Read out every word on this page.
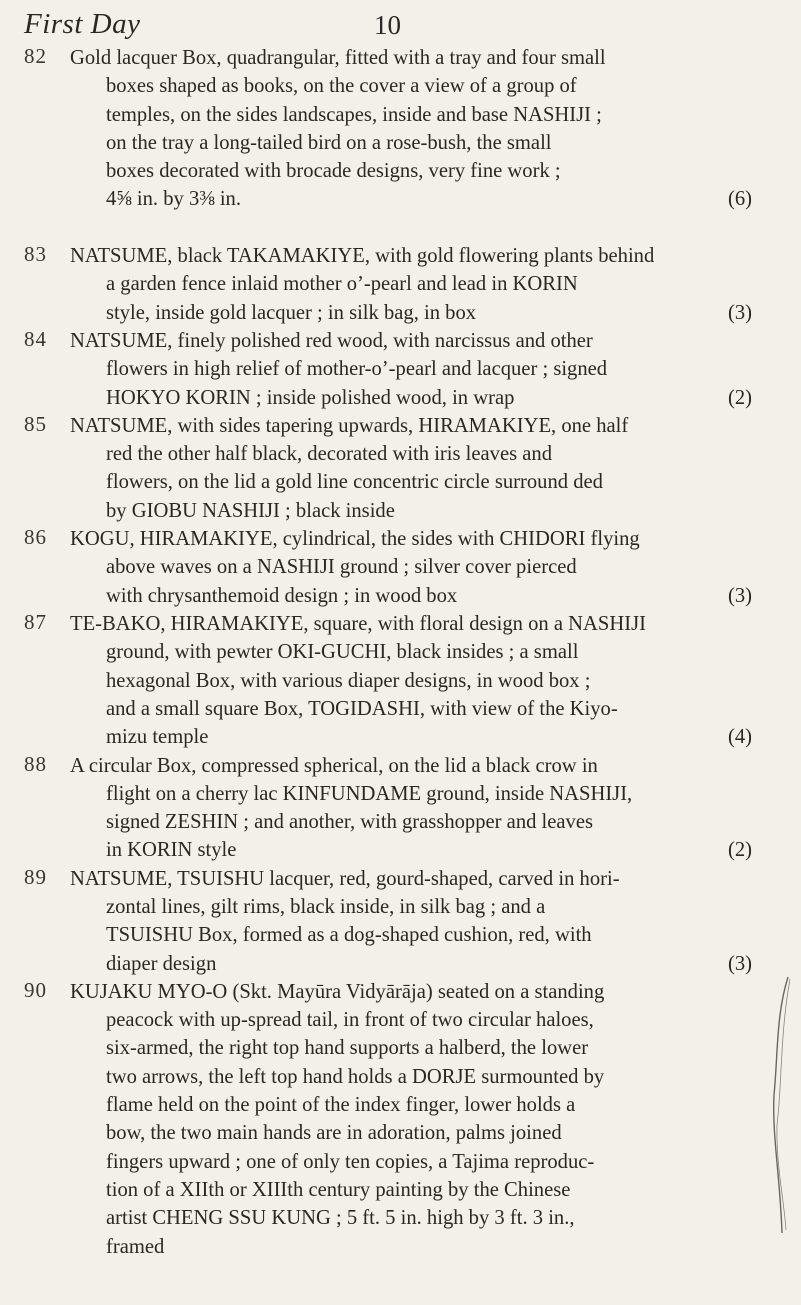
First Day	10
82 Gold lacquer Box, quadrangular, fitted with a tray and four small
boxes shaped as books, on the cover a view of a group of
temples, on the sides landscapes, inside and base NASHIJI ;
on the tray a long-tailed bird on a rose-bush, the small
boxes decorated with brocade designs, very fine work ;
4⅝ in. by 3⅜ in.	(6)
83 NATSUME, black TAKAMAKIYE, with gold flowering plants behind
a garden fence inlaid mother o’-pearl and lead in KORIN
style, inside gold lacquer ; in silk bag, in box	(3)
84 NATSUME, finely polished red wood, with narcissus and other
flowers in high relief of mother-o’-pearl and lacquer ; signed
HOKYO KORIN ; inside polished wood, in wrap	(2)
85 NATSUME, with sides tapering upwards, HIRAMAKIYE, one half
red the other half black, decorated with iris leaves and
flowers, on the lid a gold line concentric circle surround ded
by GIOBU NASHIJI ; black inside
86 KOGU, HIRAMAKIYE, cylindrical, the sides with CHIDORI flying
above waves on a NASHIJI ground ; silver cover pierced
with chrysanthemoid design ; in wood box	(3)
87 TE-BAKO, HIRAMAKIYE, square, with floral design on a NASHIJI
ground, with pewter OKI-GUCHI, black insides ; a small
hexagonal Box, with various diaper designs, in wood box ;
and a small square Box, TOGIDASHI, with view of the Kiyo-
mizu temple	(4)
88 A circular Box, compressed spherical, on the lid a black crow in
flight on a cherry lac KINFUNDAME ground, inside NASHIJI,
signed ZESHIN ; and another, with grasshopper and leaves
in KORIN style	(2)
89 NATSUME, TSUISHU lacquer, red, gourd-shaped, carved in hori-
zontal lines, gilt rims, black inside, in silk bag ; and a
TSUISHU Box, formed as a dog-shaped cushion, red, with
diaper design	(3)
90 KUJAKU MYO-O (Skt. Mayūra Vidyārāja) seated on a standing
peacock with up-spread tail, in front of two circular haloes,
six-armed, the right top hand supports a halberd, the lower
two arrows, the left top hand holds a DORJE surmounted by
flame held on the point of the index finger, lower holds a
bow, the two main hands are in adoration, palms joined
fingers upward ; one of only ten copies, a Tajima reproduc-
tion of a XIIth or XIIIth century painting by the Chinese
artist CHENG SSU KUNG ; 5 ft. 5 in. high by 3 ft. 3 in.,
framed
